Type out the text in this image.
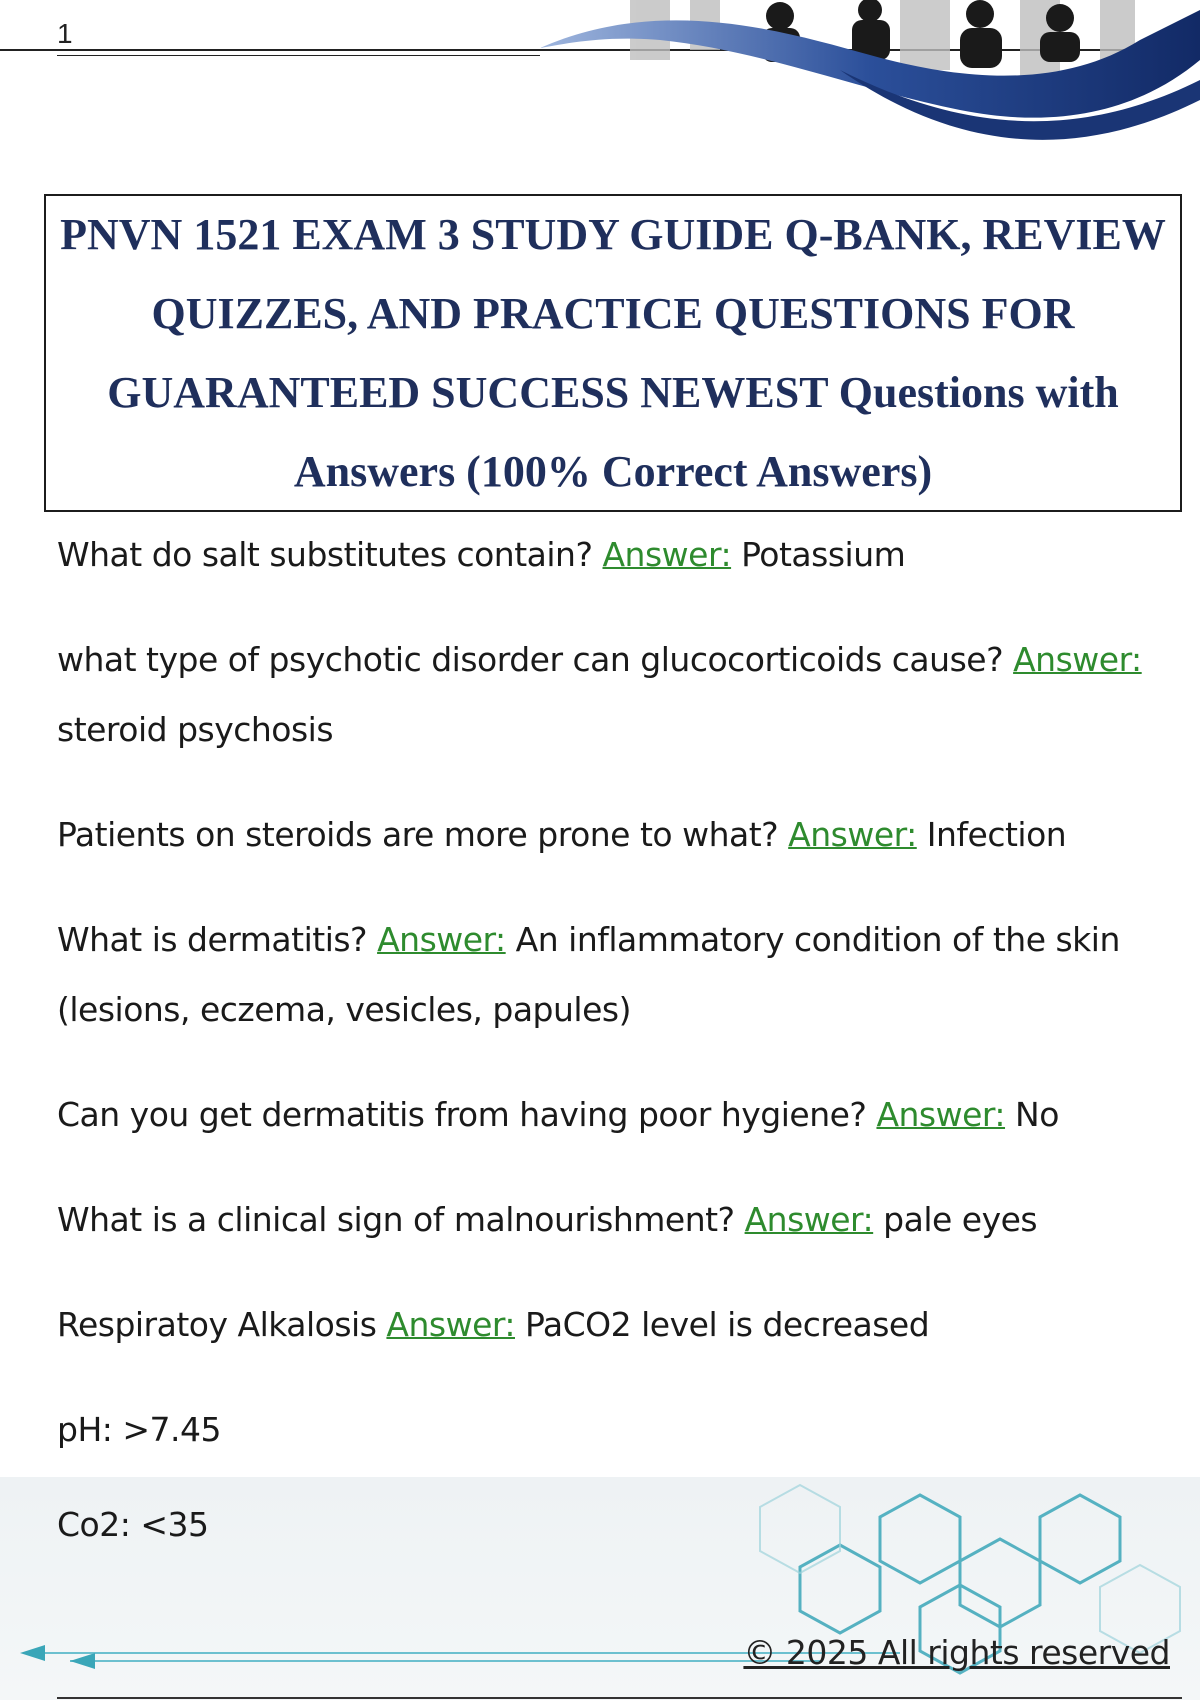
1

PNVN 1521 EXAM 3 STUDY GUIDE Q-BANK, REVIEW QUIZZES, AND PRACTICE QUESTIONS FOR GUARANTEED SUCCESS NEWEST Questions with Answers (100% Correct Answers)

What do salt substitutes contain? Answer: Potassium

what type of psychotic disorder can glucocorticoids cause? Answer: steroid psychosis

Patients on steroids are more prone to what? Answer: Infection

What is dermatitis? Answer: An inflammatory condition of the skin (lesions, eczema, vesicles, papules)

Can you get dermatitis from having poor hygiene? Answer: No

What is a clinical sign of malnourishment? Answer: pale eyes

Respiratoy Alkalosis Answer: PaCO2 level is decreased

pH: >7.45

Co2: <35
© 2025 All rights reserved
